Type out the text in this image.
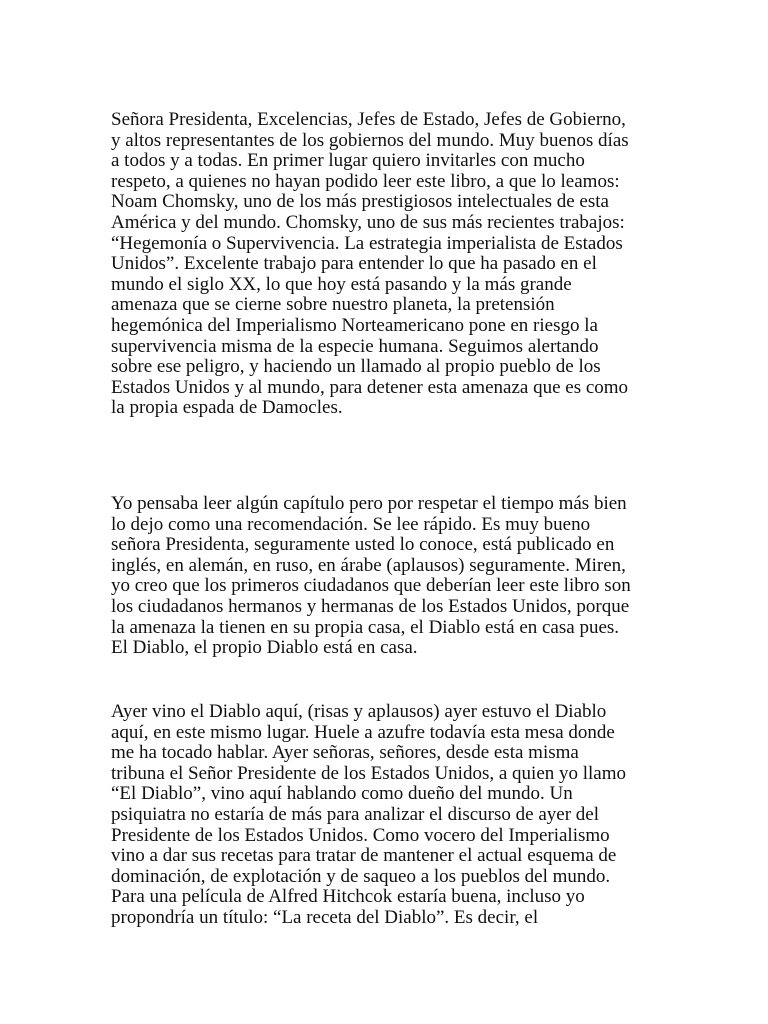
Señora Presidenta, Excelencias, Jefes de Estado, Jefes de Gobierno,
y altos representantes de los gobiernos del mundo. Muy buenos días
a todos y a todas. En primer lugar quiero invitarles con mucho
respeto, a quienes no hayan podido leer este libro, a que lo leamos:
Noam Chomsky, uno de los más prestigiosos intelectuales de esta
América y del mundo. Chomsky, uno de sus más recientes trabajos:
“Hegemonía o Supervivencia. La estrategia imperialista de Estados
Unidos”. Excelente trabajo para entender lo que ha pasado en el
mundo el siglo XX, lo que hoy está pasando y la más grande
amenaza que se cierne sobre nuestro planeta, la pretensión
hegemónica del Imperialismo Norteamericano pone en riesgo la
supervivencia misma de la especie humana. Seguimos alertando
sobre ese peligro, y haciendo un llamado al propio pueblo de los
Estados Unidos y al mundo, para detener esta amenaza que es como
la propia espada de Damocles.

Yo pensaba leer algún capítulo pero por respetar el tiempo más bien
lo dejo como una recomendación. Se lee rápido. Es muy bueno
señora Presidenta, seguramente usted lo conoce, está publicado en
inglés, en alemán, en ruso, en árabe (aplausos) seguramente. Miren,
yo creo que los primeros ciudadanos que deberían leer este libro son
los ciudadanos hermanos y hermanas de los Estados Unidos, porque
la amenaza la tienen en su propia casa, el Diablo está en casa pues.
El Diablo, el propio Diablo está en casa.

Ayer vino el Diablo aquí, (risas y aplausos) ayer estuvo el Diablo
aquí, en este mismo lugar. Huele a azufre todavía esta mesa donde
me ha tocado hablar. Ayer señoras, señores, desde esta misma
tribuna el Señor Presidente de los Estados Unidos, a quien yo llamo
“El Diablo”, vino aquí hablando como dueño del mundo. Un
psiquiatra no estaría de más para analizar el discurso de ayer del
Presidente de los Estados Unidos. Como vocero del Imperialismo
vino a dar sus recetas para tratar de mantener el actual esquema de
dominación, de explotación y de saqueo a los pueblos del mundo.
Para una película de Alfred Hitchcok estaría buena, incluso yo
propondría un título: “La receta del Diablo”. Es decir, el
